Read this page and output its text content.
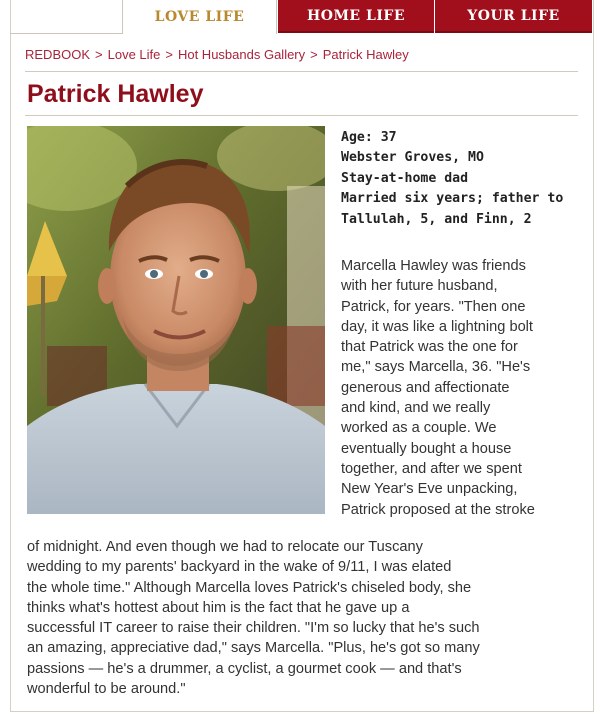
LOVE LIFE	HOME LIFE	YOUR LIFE
REDBOOK > Love Life > Hot Husbands Gallery > Patrick Hawley
Patrick Hawley
Age: 37
Webster Groves, MO
Stay-at-home dad
Married six years; father to
Tallulah, 5, and Finn, 2
Marcella Hawley was friends
with her future husband,
Patrick, for years. "Then one
day, it was like a lightning bolt
that Patrick was the one for
me," says Marcella, 36. "He's
generous and affectionate
and kind, and we really
worked as a couple. We
eventually bought a house
together, and after we spent
New Year's Eve unpacking,
Patrick proposed at the stroke
of midnight. And even though we had to relocate our Tuscany
wedding to my parents' backyard in the wake of 9/11, I was elated
the whole time." Although Marcella loves Patrick's chiseled body, she
thinks what's hottest about him is the fact that he gave up a
successful IT career to raise their children. "I'm so lucky that he's such
an amazing, appreciative dad," says Marcella. "Plus, he's got so many
passions — he's a drummer, a cyclist, a gourmet cook — and that's
wonderful to be around."
